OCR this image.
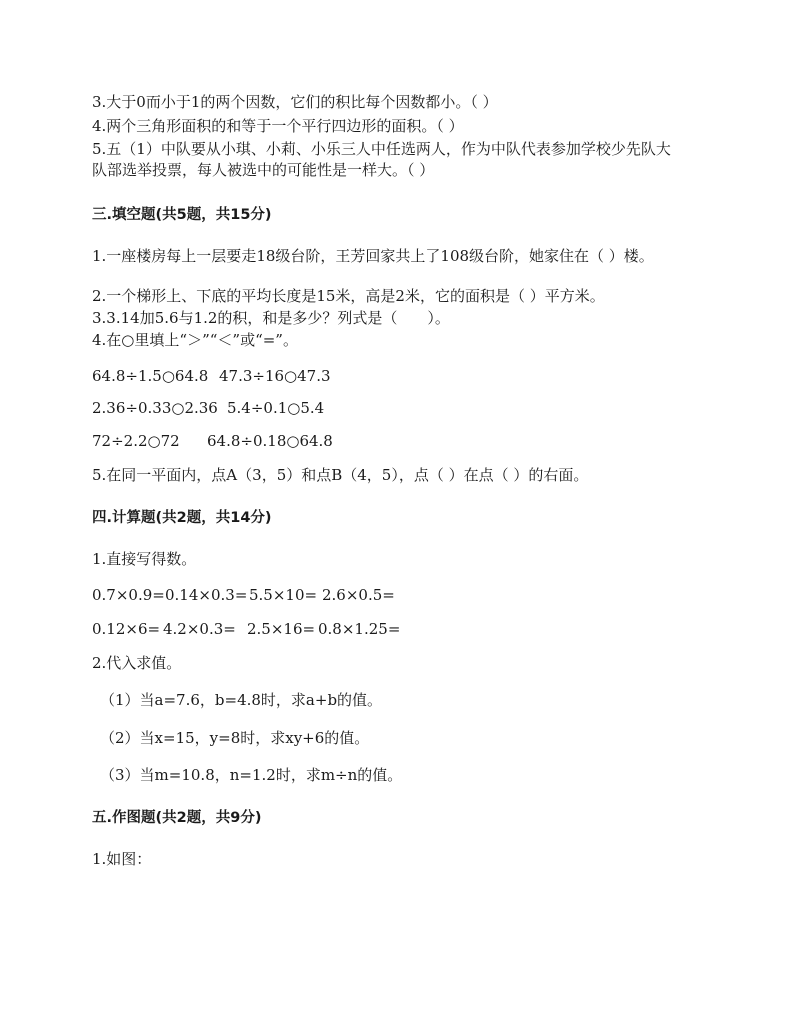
3.大于0而小于1的两个因数，它们的积比每个因数都小。（ ）
4.两个三角形面积的和等于一个平行四边形的面积。（ ）
5.五（1）中队要从小琪、小莉、小乐三人中任选两人，作为中队代表参加学校少先队大
队部选举投票，每人被选中的可能性是一样大。（ ）
三.填空题(共5题，共15分)
1.一座楼房每上一层要走18级台阶，王芳回家共上了108级台阶，她家住在（ ）楼。
2.一个梯形上、下底的平均长度是15米，高是2米，它的面积是（ ）平方米。
3.3.14加5.6与1.2的积，和是多少？列式是（　　）。
4.在○里填上“＞”“＜”或“=”。
64.8÷1.5○64.8 47.3÷16○47.3
2.36÷0.33○2.36 5.4÷0.1○5.4
72÷2.2○72 64.8÷0.18○64.8
5.在同一平面内，点A（3，5）和点B（4，5），点（ ）在点（ ）的右面。
四.计算题(共2题，共14分)
1.直接写得数。
0.7×0.9=0.14×0.3= 5.5×10= 2.6×0.5=
0.12×6= 4.2×0.3= 2.5×16= 0.8×1.25=
2.代入求值。
（1）当a=7.6，b=4.8时，求a+b的值。
（2）当x=15，y=8时，求xy+6的值。
（3）当m=10.8，n=1.2时，求m÷n的值。
五.作图题(共2题，共9分)
1.如图：
